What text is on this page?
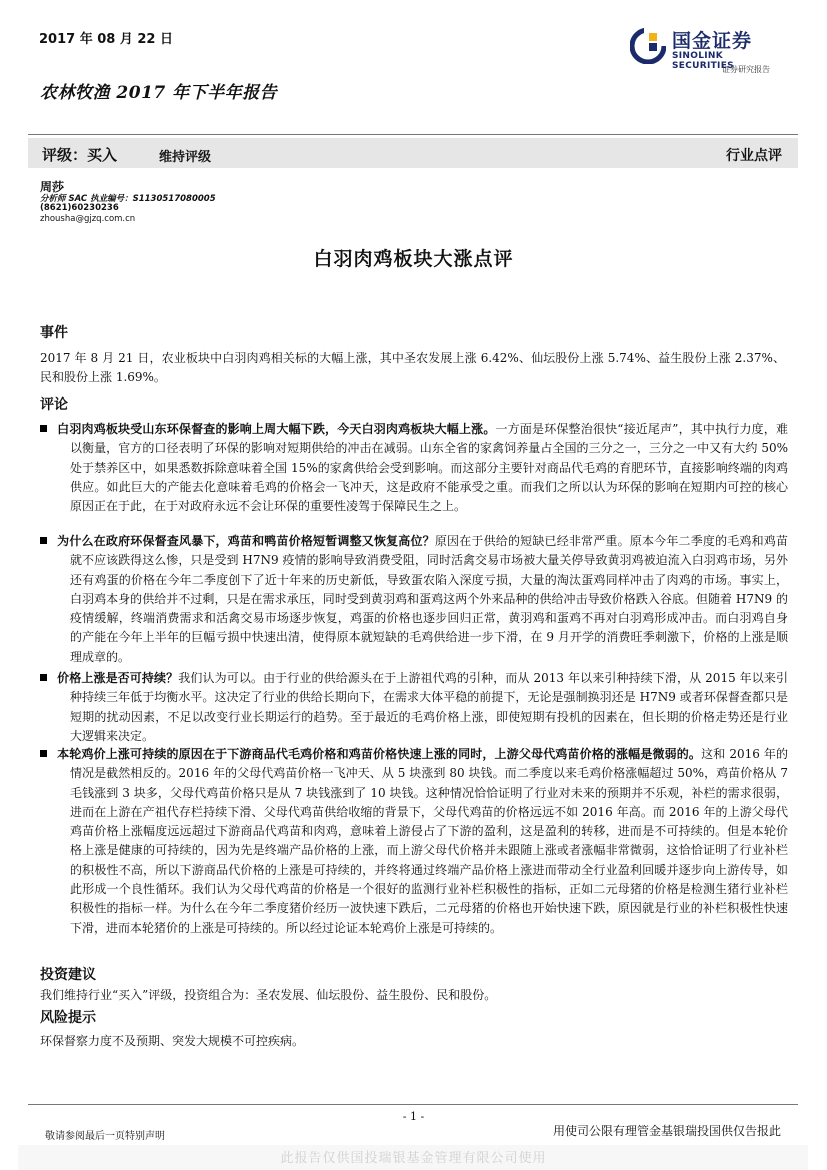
2017 年 08 月 22 日
农林牧渔 2017 年下半年报告
国金证券
SINOLINK SECURITIES
证券研究报告
评级：买入	维持评级	行业点评
周莎
分析师 SAC 执业编号：S1130517080005
(8621)60230236
zhousha@gjzq.com.cn
白羽肉鸡板块大涨点评
事件
2017 年 8 月 21 日，农业板块中白羽肉鸡相关标的大幅上涨，其中圣农发展上涨 6.42%、仙坛股份上涨 5.74%、益生股份上涨 2.37%、民和股份上涨 1.69%。
评论
白羽肉鸡板块受山东环保督查的影响上周大幅下跌，今天白羽肉鸡板块大幅上涨。一方面是环保整治很快“接近尾声”，其中执行力度，难以衡量，官方的口径表明了环保的影响对短期供给的冲击在减弱。山东全省的家禽饲养量占全国的三分之一，三分之一中又有大约 50%处于禁养区中，如果悉数拆除意味着全国 15%的家禽供给会受到影响。而这部分主要针对商品代毛鸡的育肥环节，直接影响终端的肉鸡供应。如此巨大的产能去化意味着毛鸡的价格会一飞冲天，这是政府不能承受之重。而我们之所以认为环保的影响在短期内可控的核心原因正在于此，在于对政府永远不会让环保的重要性凌驾于保障民生之上。
为什么在政府环保督查风暴下，鸡苗和鸭苗价格短暂调整又恢复高位？原因在于供给的短缺已经非常严重。原本今年二季度的毛鸡和鸡苗就不应该跌得这么惨，只是受到 H7N9 疫情的影响导致消费受阻，同时活禽交易市场被大量关停导致黄羽鸡被迫流入白羽鸡市场，另外还有鸡蛋的价格在今年二季度创下了近十年来的历史新低，导致蛋农陷入深度亏损，大量的淘汰蛋鸡同样冲击了肉鸡的市场。事实上，白羽鸡本身的供给并不过剩，只是在需求承压，同时受到黄羽鸡和蛋鸡这两个外来品种的供给冲击导致价格跌入谷底。但随着 H7N9 的疫情缓解，终端消费需求和活禽交易市场逐步恢复，鸡蛋的价格也逐步回归正常，黄羽鸡和蛋鸡不再对白羽鸡形成冲击。而白羽鸡自身的产能在今年上半年的巨幅亏损中快速出清，使得原本就短缺的毛鸡供给进一步下滑，在 9 月开学的消费旺季刺激下，价格的上涨是顺理成章的。
价格上涨是否可持续？我们认为可以。由于行业的供给源头在于上游祖代鸡的引种，而从 2013 年以来引种持续下滑，从 2015 年以来引种持续三年低于均衡水平。这决定了行业的供给长期向下，在需求大体平稳的前提下，无论是强制换羽还是 H7N9 或者环保督查都只是短期的扰动因素，不足以改变行业长期运行的趋势。至于最近的毛鸡价格上涨，即使短期有投机的因素在，但长期的价格走势还是行业大逻辑来决定。
本轮鸡价上涨可持续的原因在于下游商品代毛鸡价格和鸡苗价格快速上涨的同时，上游父母代鸡苗价格的涨幅是微弱的。这和 2016 年的情况是截然相反的。2016 年的父母代鸡苗价格一飞冲天、从 5 块涨到 80 块钱。而二季度以来毛鸡价格涨幅超过 50%，鸡苗价格从 7 毛钱涨到 3 块多，父母代鸡苗价格只是从 7 块钱涨到了 10 块钱。这种情况恰恰证明了行业对未来的预期并不乐观，补栏的需求很弱，进而在上游在产祖代存栏持续下滑、父母代鸡苗供给收缩的背景下，父母代鸡苗的价格远远不如 2016 年高。而 2016 年的上游父母代鸡苗价格上涨幅度远远超过下游商品代鸡苗和肉鸡，意味着上游侵占了下游的盈利，这是盈利的转移，进而是不可持续的。但是本轮价格上涨是健康的可持续的，因为先是终端产品价格的上涨，而上游父母代价格并未跟随上涨或者涨幅非常微弱，这恰恰证明了行业补栏的积极性不高，所以下游商品代价格的上涨是可持续的，并终将通过终端产品价格上涨进而带动全行业盈利回暖并逐步向上游传导，如此形成一个良性循环。我们认为父母代鸡苗的价格是一个很好的监测行业补栏积极性的指标，正如二元母猪的价格是检测生猪行业补栏积极性的指标一样。为什么在今年二季度猪价经历一波快速下跌后，二元母猪的价格也开始快速下跌，原因就是行业的补栏积极性快速下滑，进而本轮猪价的上涨是可持续的。所以经过论证本轮鸡价上涨是可持续的。
投资建议
我们维持行业“买入”评级，投资组合为：圣农发展、仙坛股份、益生股份、民和股份。
风险提示
环保督察力度不及预期、突发大规模不可控疾病。
- 1 -
敬请参阅最后一页特别声明	用使司公限有理管金基银瑞投国供仅告报此
此报告仅供国投瑞银基金管理有限公司使用
